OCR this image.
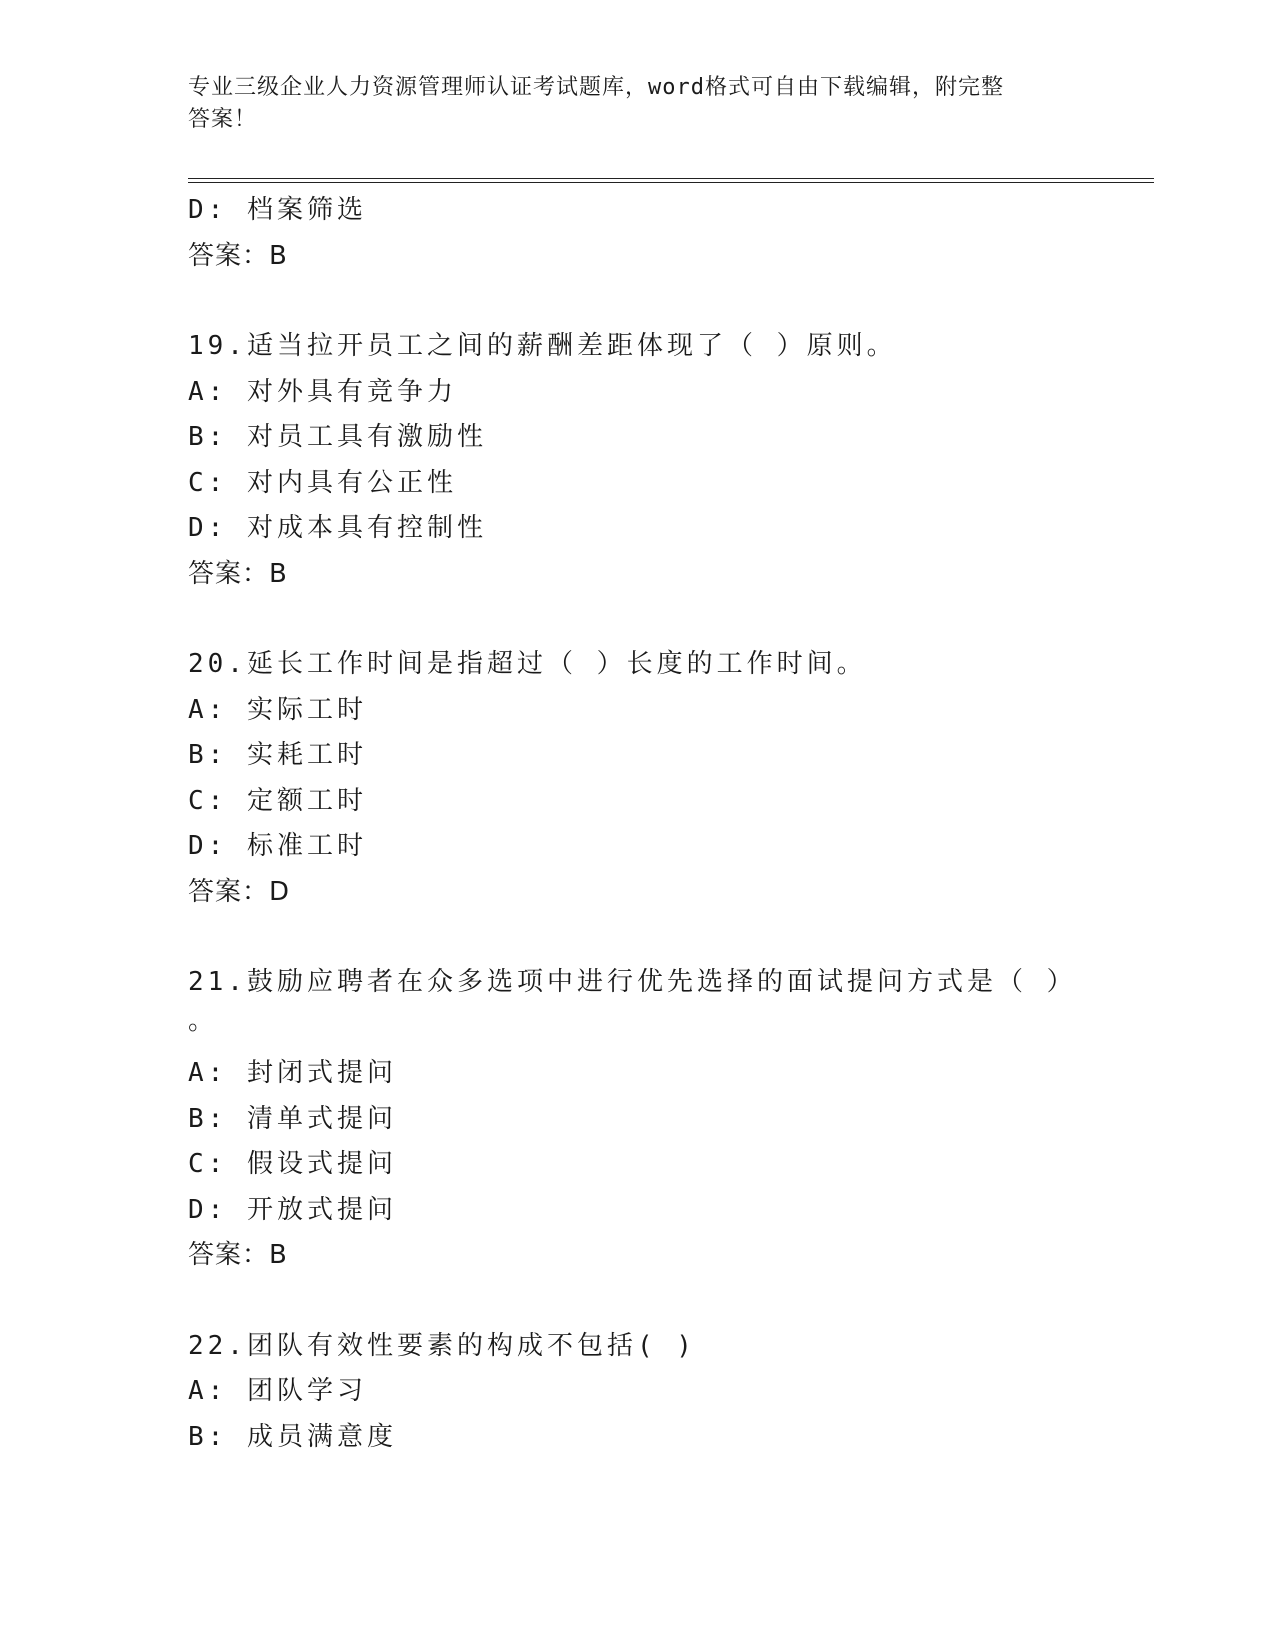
专业三级企业人力资源管理师认证考试题库，word格式可自由下载编辑，附完整
答案！
D: 档案筛选
答案：B
19.适当拉开员工之间的薪酬差距体现了（ ）原则。
A: 对外具有竞争力
B: 对员工具有激励性
C: 对内具有公正性
D: 对成本具有控制性
答案：B
20.延长工作时间是指超过（ ）长度的工作时间。
A: 实际工时
B: 实耗工时
C: 定额工时
D: 标准工时
答案：D
21.鼓励应聘者在众多选项中进行优先选择的面试提问方式是（ ）
。
A: 封闭式提问
B: 清单式提问
C: 假设式提问
D: 开放式提问
答案：B
22.团队有效性要素的构成不包括( )
A: 团队学习
B: 成员满意度
